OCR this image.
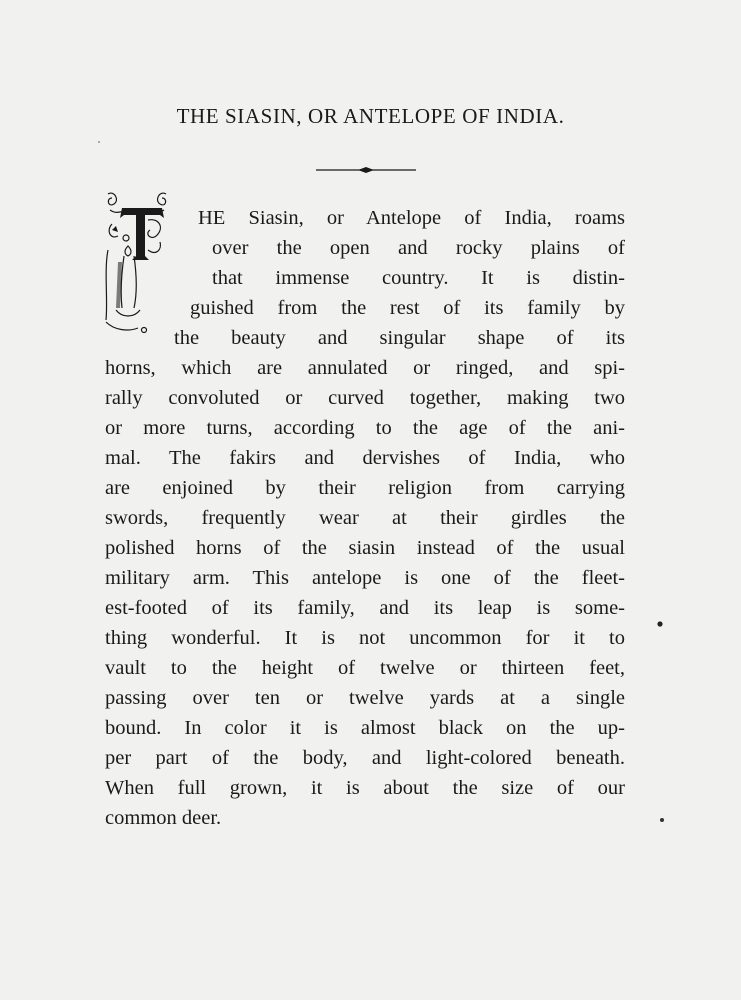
THE SIASIN, OR ANTELOPE OF INDIA.
HE Siasin, or Antelope of India, roams
over the open and rocky plains of
that immense country. It is distin-
guished from the rest of its family by
the beauty and singular shape of its
horns, which are annulated or ringed, and spi-
rally convoluted or curved together, making two
or more turns, according to the age of the ani-
mal. The fakirs and dervishes of India, who
are enjoined by their religion from carrying
swords, frequently wear at their girdles the
polished horns of the siasin instead of the usual
military arm. This antelope is one of the fleet-
est-footed of its family, and its leap is some-
thing wonderful. It is not uncommon for it to
vault to the height of twelve or thirteen feet,
passing over ten or twelve yards at a single
bound. In color it is almost black on the up-
per part of the body, and light-colored beneath.
When full grown, it is about the size of our
common deer.
